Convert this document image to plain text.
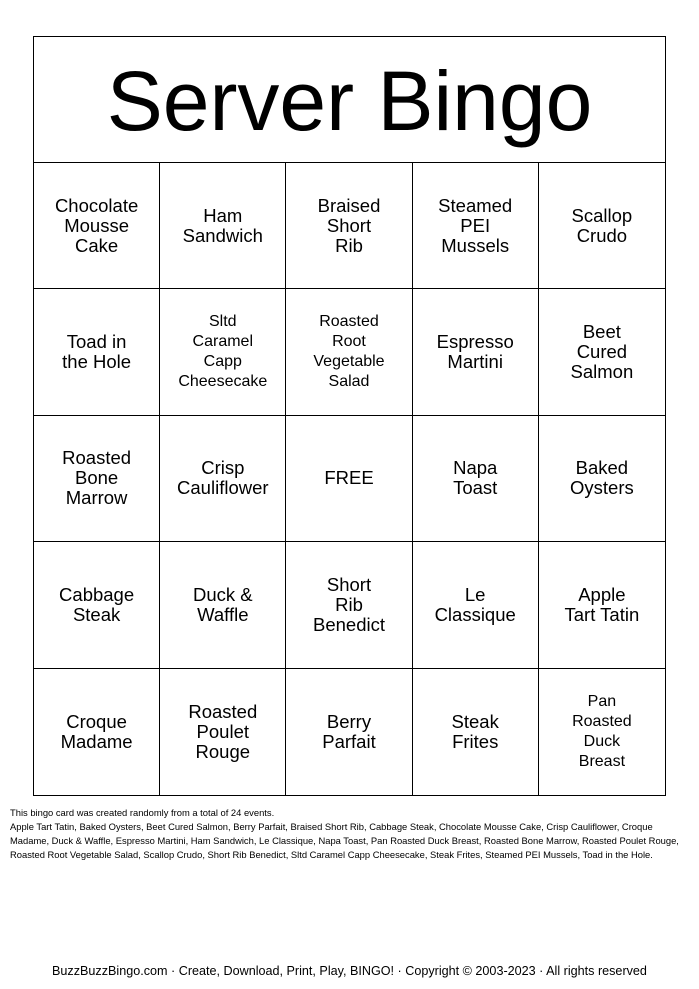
Server Bingo
Chocolate
Mousse
Cake
Ham
Sandwich
Braised
Short
Rib
Steamed
PEI
Mussels
Scallop
Crudo
Toad in
the Hole
Sltd
Caramel
Capp
Cheesecake
Roasted
Root
Vegetable
Salad
Espresso
Martini
Beet
Cured
Salmon
Roasted
Bone
Marrow
Crisp
Cauliflower	FREE	Napa
Toast
Baked
Oysters
Cabbage
Steak
Duck &
Waffle
Short
Rib
Benedict
Le
Classique
Apple
Tart Tatin
Croque
Madame
Roasted
Poulet
Rouge
Berry
Parfait
Steak
Frites
Pan
Roasted
Duck
Breast

This bingo card was created randomly from a total of 24 events.

Apple Tart Tatin, Baked Oysters, Beet Cured Salmon, Berry Parfait, Braised Short Rib, Cabbage Steak, Chocolate Mousse Cake, Crisp Cauliflower, Croque Madame, Duck & Waffle, Espresso Martini, Ham Sandwich, Le Classique, Napa Toast, Pan Roasted Duck Breast, Roasted Bone Marrow, Roasted Poulet Rouge, Roasted Root Vegetable Salad, Scallop Crudo, Short Rib Benedict, Sltd Caramel Capp Cheesecake, Steak Frites, Steamed PEI Mussels, Toad in the Hole.

BuzzBuzzBingo.com · Create, Download, Print, Play, BINGO! · Copyright © 2003-2023 · All rights reserved
